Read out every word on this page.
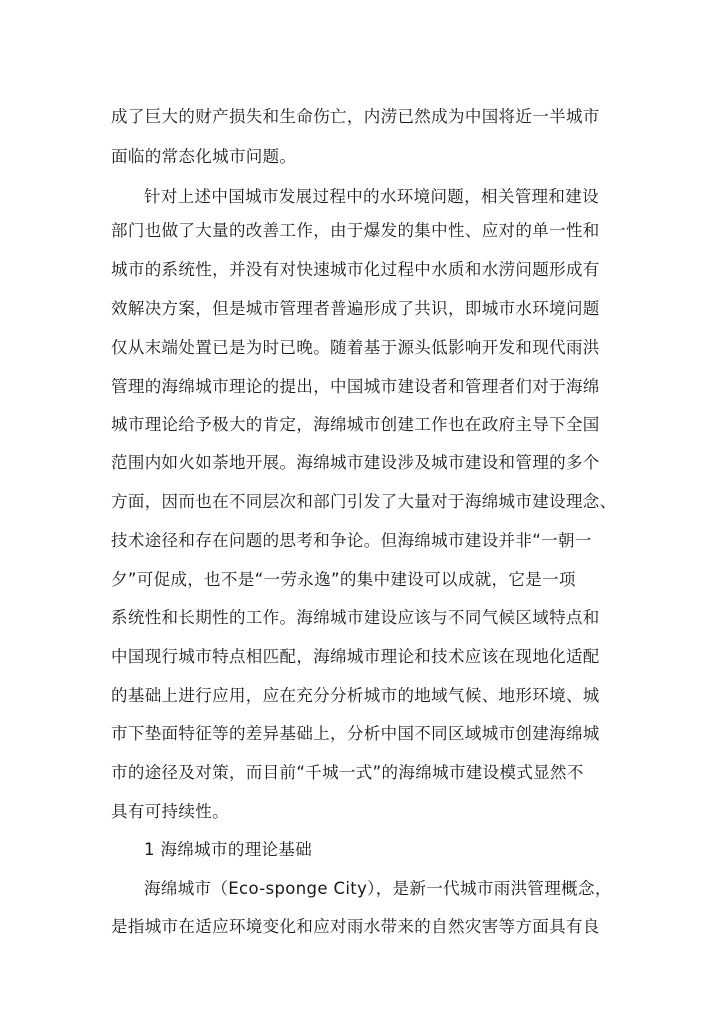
成了巨大的财产损失和生命伤亡，内涝已然成为中国将近一半城市
面临的常态化城市问题。
针对上述中国城市发展过程中的水环境问题，相关管理和建设
部门也做了大量的改善工作，由于爆发的集中性、应对的单一性和
城市的系统性，并没有对快速城市化过程中水质和水涝问题形成有
效解决方案，但是城市管理者普遍形成了共识，即城市水环境问题
仅从末端处置已是为时已晚。随着基于源头低影响开发和现代雨洪
管理的海绵城市理论的提出，中国城市建设者和管理者们对于海绵
城市理论给予极大的肯定，海绵城市创建工作也在政府主导下全国
范围内如火如荼地开展。海绵城市建设涉及城市建设和管理的多个
方面，因而也在不同层次和部门引发了大量对于海绵城市建设理念、
技术途径和存在问题的思考和争论。但海绵城市建设并非“一朝一
夕”可促成，也不是“一劳永逸”的集中建设可以成就，它是一项
系统性和长期性的工作。海绵城市建设应该与不同气候区域特点和
中国现行城市特点相匹配，海绵城市理论和技术应该在现地化适配
的基础上进行应用，应在充分分析城市的地域气候、地形环境、城
市下垫面特征等的差异基础上，分析中国不同区域城市创建海绵城
市的途径及对策，而目前“千城一式”的海绵城市建设模式显然不
具有可持续性。
1 海绵城市的理论基础
海绵城市（Eco-sponge City），是新一代城市雨洪管理概念，
是指城市在适应环境变化和应对雨水带来的自然灾害等方面具有良
